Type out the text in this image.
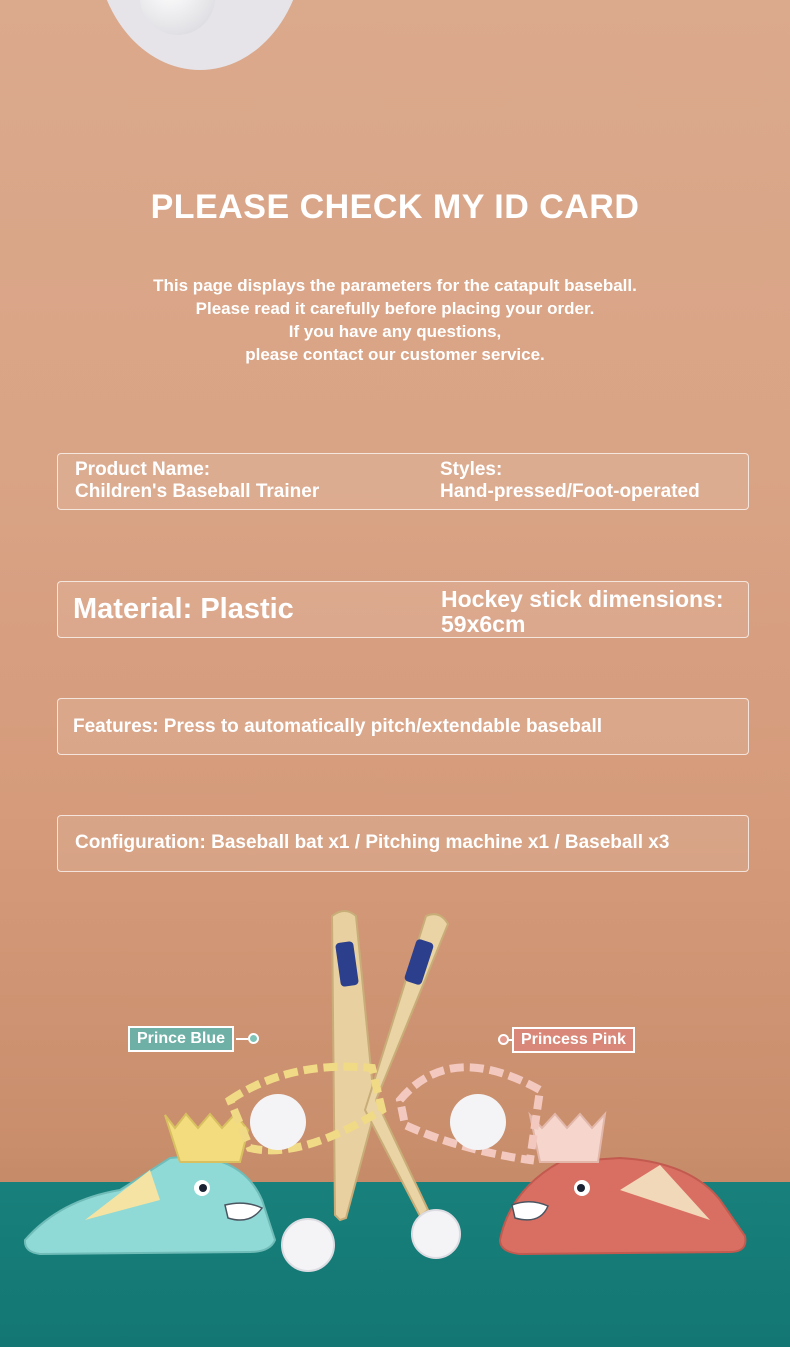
PLEASE CHECK MY ID CARD
This page displays the parameters for the catapult baseball.
Please read it carefully before placing your order.
If you have any questions,
please contact our customer service.
Product Name:
Children's Baseball Trainer
Styles:
Hand-pressed/Foot-operated
Material: Plastic	Hockey stick dimensions:
59x6cm
Features: Press to automatically pitch/extendable baseball
Configuration: Baseball bat x1 / Pitching machine x1 / Baseball x3
Prince Blue	Princess Pink
